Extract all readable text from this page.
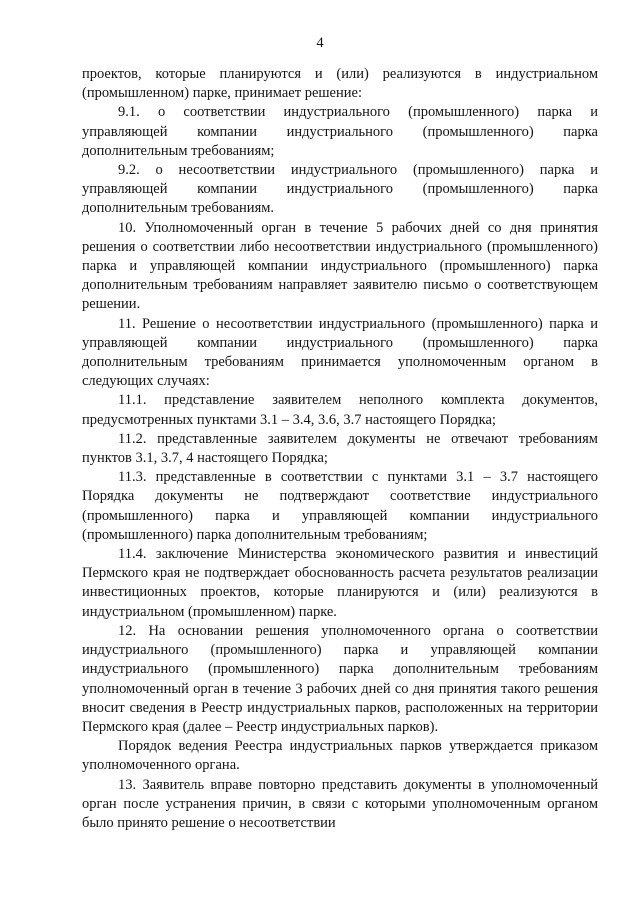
4

проектов, которые планируются и (или) реализуются в индустриальном (промышленном) парке, принимает решение:

9.1. о соответствии индустриального (промышленного) парка и управляющей компании индустриального (промышленного) парка дополнительным требованиям;

9.2. о несоответствии индустриального (промышленного) парка и управляющей компании индустриального (промышленного) парка дополнительным требованиям.

10. Уполномоченный орган в течение 5 рабочих дней со дня принятия решения о соответствии либо несоответствии индустриального (промышленного) парка и управляющей компании индустриального (промышленного) парка дополнительным требованиям направляет заявителю письмо о соответствующем решении.

11. Решение о несоответствии индустриального (промышленного) парка и управляющей компании индустриального (промышленного) парка дополнительным требованиям принимается уполномоченным органом в следующих случаях:

11.1. представление заявителем неполного комплекта документов, предусмотренных пунктами 3.1 – 3.4, 3.6, 3.7 настоящего Порядка;

11.2. представленные заявителем документы не отвечают требованиям пунктов 3.1, 3.7, 4 настоящего Порядка;

11.3. представленные в соответствии с пунктами 3.1 – 3.7 настоящего Порядка документы не подтверждают соответствие индустриального (промышленного) парка и управляющей компании индустриального (промышленного) парка дополнительным требованиям;

11.4. заключение Министерства экономического развития и инвестиций Пермского края не подтверждает обоснованность расчета результатов реализации инвестиционных проектов, которые планируются и (или) реализуются в индустриальном (промышленном) парке.

12. На основании решения уполномоченного органа о соответствии индустриального (промышленного) парка и управляющей компании индустриального (промышленного) парка дополнительным требованиям уполномоченный орган в течение 3 рабочих дней со дня принятия такого решения вносит сведения в Реестр индустриальных парков, расположенных на территории Пермского края (далее – Реестр индустриальных парков).

Порядок ведения Реестра индустриальных парков утверждается приказом уполномоченного органа.

13. Заявитель вправе повторно представить документы в уполномоченный орган после устранения причин, в связи с которыми уполномоченным органом было принято решение о несоответствии
